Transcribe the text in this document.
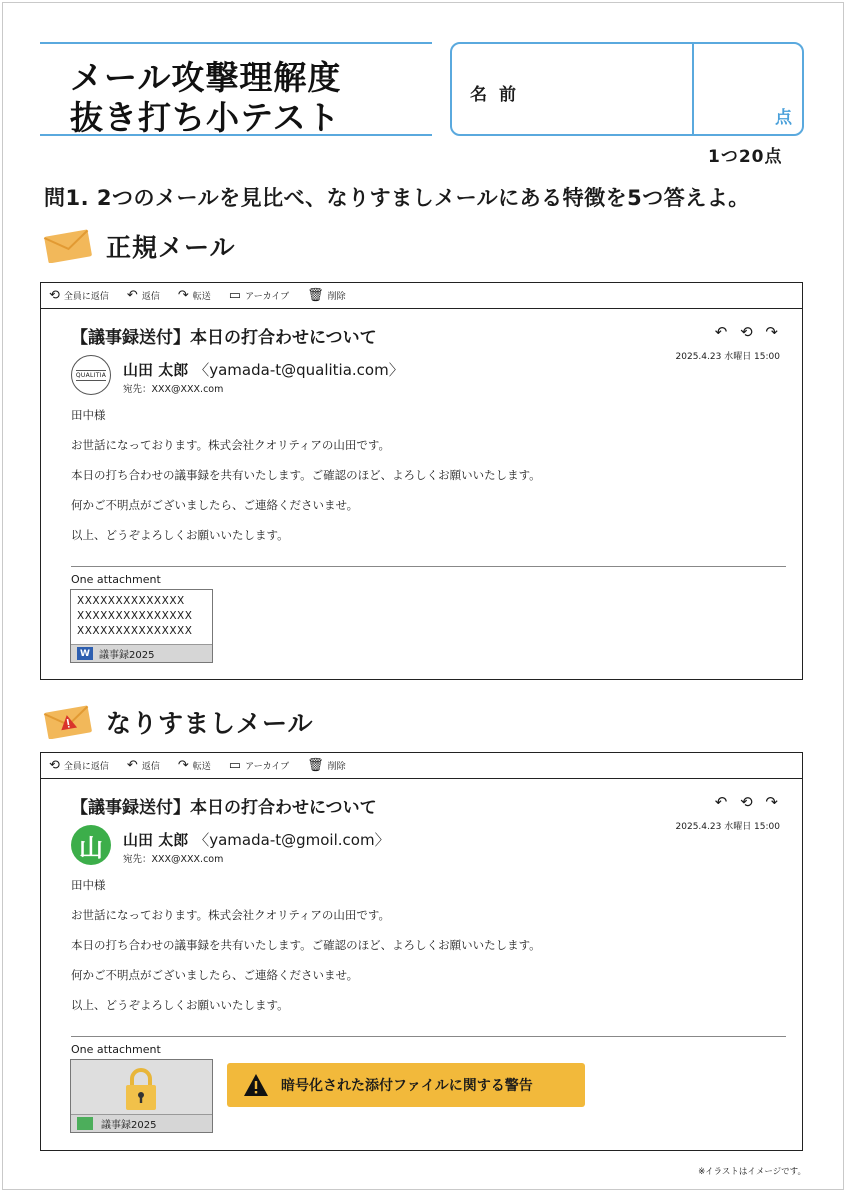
メール攻撃理解度
抜き打ち小テスト
名前
点
1つ20点
問1. 2つのメールを見比べ、なりすましメールにある特徴を5つ答えよ。
正規メール
⟲ 全員に返信 ↶ 返信 ↷ 転送 ▭ アーカイブ 🗑 削除
【議事録送付】本日の打合わせについて	↶ ⟲ ↷
2025.4.23 水曜日 15:00
QUALITIA 山田 太郎 〈yamada-t@qualitia.com〉
宛先：XXX@XXX.com
田中様
お世話になっております。株式会社クオリティアの山田です。
本日の打ち合わせの議事録を共有いたします。ご確認のほど、よろしくお願いいたします。
何かご不明点がございましたら、ご連絡くださいませ。
以上、どうぞよろしくお願いいたします。
One attachment
XXXXXXXXXXXXXX
XXXXXXXXXXXXXXX
XXXXXXXXXXXXXXX
W 議事録2025
なりすましメール
⟲ 全員に返信 ↶ 返信 ↷ 転送 ▭ アーカイブ 🗑 削除
【議事録送付】本日の打合わせについて	↶ ⟲ ↷
2025.4.23 水曜日 15:00
山	山田 太郎 〈yamada-t@gmoil.com〉
宛先：XXX@XXX.com
田中様
お世話になっております。株式会社クオリティアの山田です。
本日の打ち合わせの議事録を共有いたします。ご確認のほど、よろしくお願いいたします。
何かご不明点がございましたら、ご連絡くださいませ。
以上、どうぞよろしくお願いいたします。
One attachment
議事録2025
暗号化された添付ファイルに関する警告
※イラストはイメージです。
